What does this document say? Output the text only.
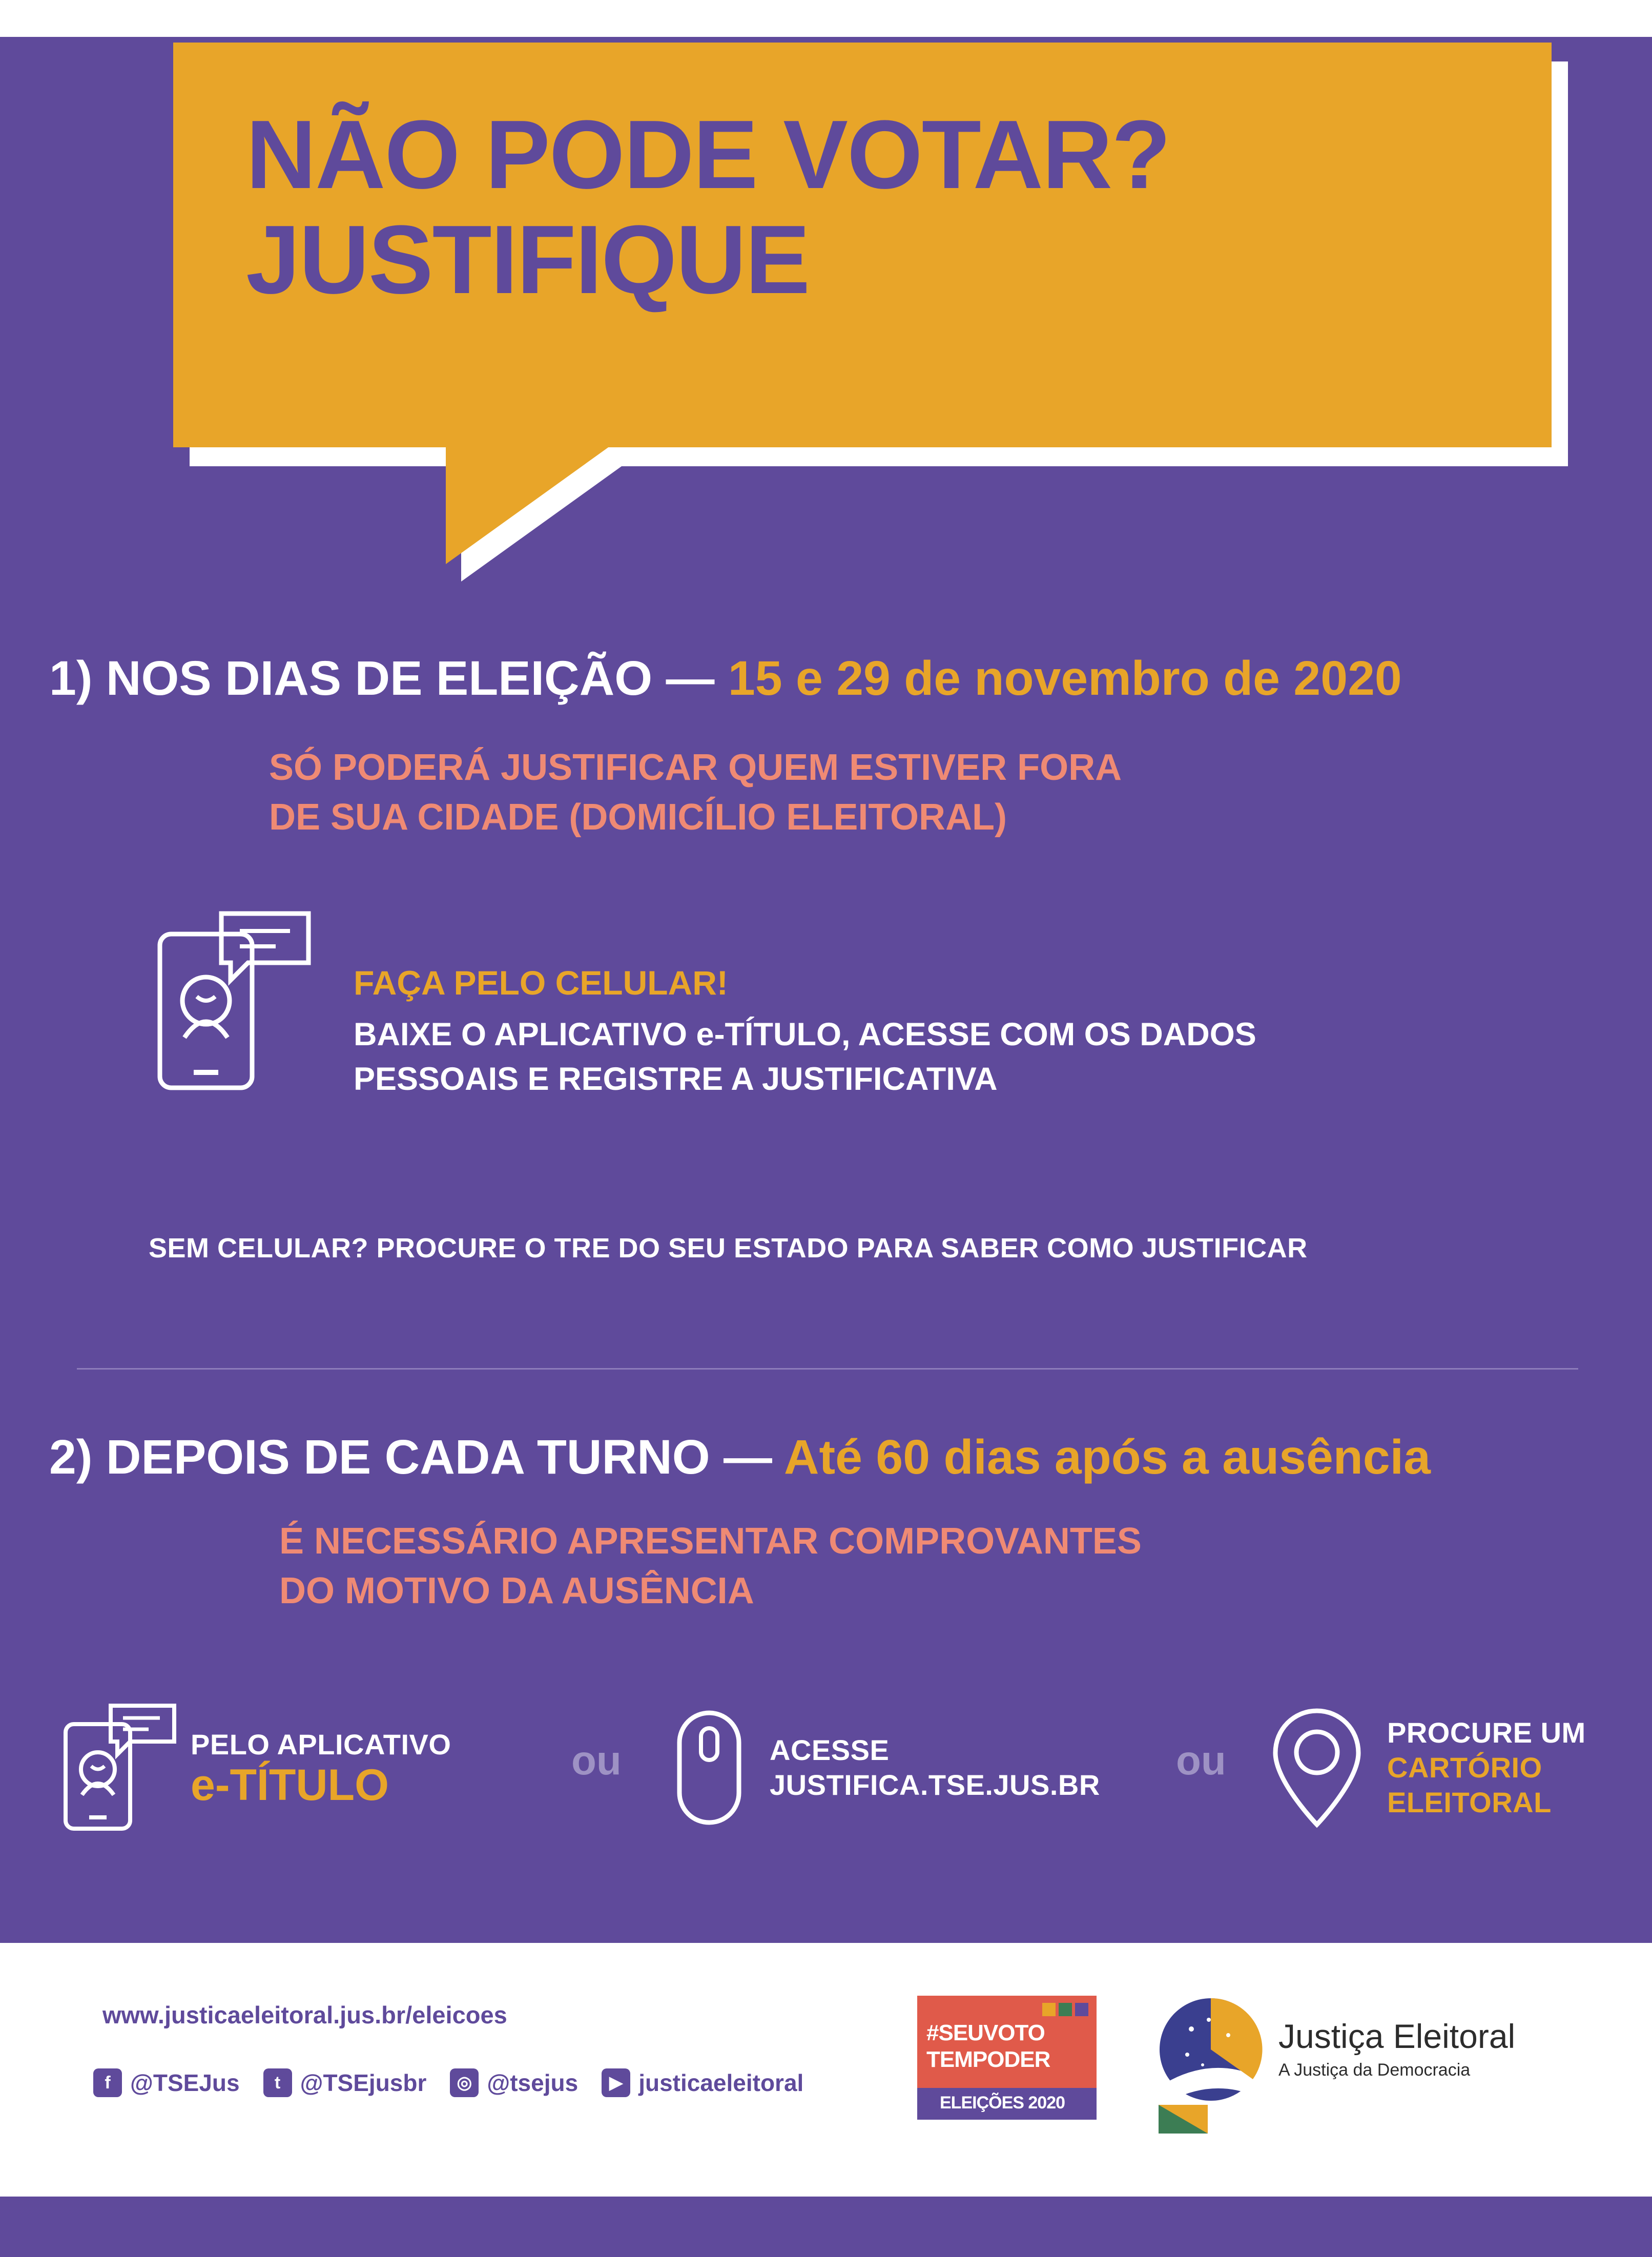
NÃO PODE VOTAR?
JUSTIFIQUE
1) NOS DIAS DE ELEIÇÃO — 15 e 29 de novembro de 2020
SÓ PODERÁ JUSTIFICAR QUEM ESTIVER FORA
DE SUA CIDADE (DOMICÍLIO ELEITORAL)
FAÇA PELO CELULAR!
BAIXE O APLICATIVO e-TÍTULO, ACESSE COM OS DADOS
PESSOAIS E REGISTRE A JUSTIFICATIVA
SEM CELULAR? PROCURE O TRE DO SEU ESTADO PARA SABER COMO JUSTIFICAR
2) DEPOIS DE CADA TURNO — Até 60 dias após a ausência
É NECESSÁRIO APRESENTAR COMPROVANTES
DO MOTIVO DA AUSÊNCIA
PELO APLICATIVO
e-TÍTULO
ou	ACESSE
JUSTIFICA.TSE.JUS.BR
ou
PROCURE UM
CARTÓRIO
ELEITORAL
www.justicaeleitoral.jus.br/eleicoes
f @TSEJus	t @TSEjusbr	◎ @tsejus	▶ justicaeleitoral
#SEUVOTO
TEMPODER
ELEIÇÕES 2020
Justiça Eleitoral
A Justiça da Democracia
